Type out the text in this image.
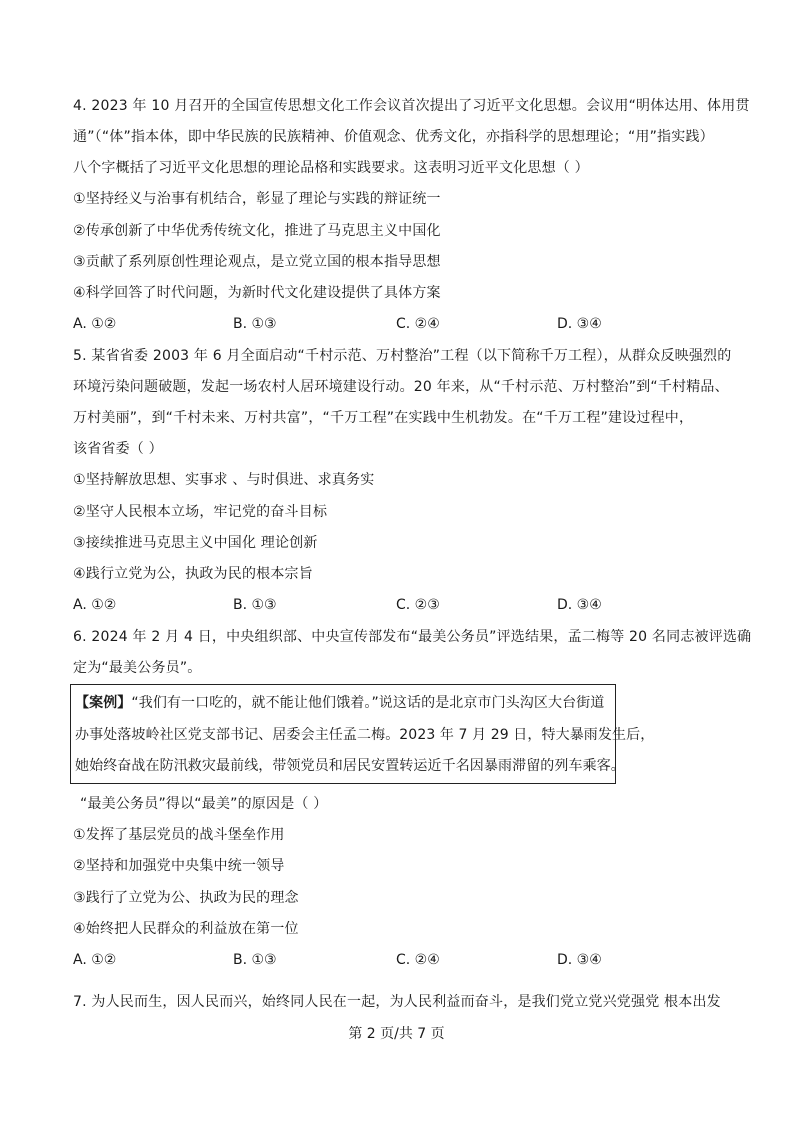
4. 2023 年 10 月召开的全国宣传思想文化工作会议首次提出了习近平文化思想。会议用“明体达用、体用贯
通”（“体”指本体，即中华民族的民族精神、价值观念、优秀文化，亦指科学的思想理论；“用”指实践）
八个字概括了习近平文化思想的理论品格和实践要求。这表明习近平文化思想（ ）
①坚持经义与治事有机结合，彰显了理论与实践的辩证统一
②传承创新了中华优秀传统文化，推进了马克思主义中国化
③贡献了系列原创性理论观点，是立党立国的根本指导思想
④科学回答了时代问题，为新时代文化建设提供了具体方案
A. ①②	B. ①③	C. ②④	D. ③④
5. 某省省委 2003 年 6 月全面启动“千村示范、万村整治”工程（以下简称千万工程），从群众反映强烈的
环境污染问题破题，发起一场农村人居环境建设行动。20 年来，从“千村示范、万村整治”到“千村精品、
万村美丽”，到“千村未来、万村共富”，“千万工程”在实践中生机勃发。在“千万工程”建设过程中，
该省省委（ ）
①坚持解放思想、实事求 、与时俱进、求真务实
②坚守人民根本立场，牢记党的奋斗目标
③接续推进马克思主义中国化 理论创新
④践行立党为公，执政为民的根本宗旨
A. ①②	B. ①③	C. ②③	D. ③④
6. 2024 年 2 月 4 日，中央组织部、中央宣传部发布“最美公务员”评选结果，孟二梅等 20 名同志被评选确
定为“最美公务员”。
【案例】“我们有一口吃的，就不能让他们饿着。”说这话的是北京市门头沟区大台街道
办事处落坡岭社区党支部书记、居委会主任孟二梅。2023 年 7 月 29 日，特大暴雨发生后，
她始终奋战在防汛救灾最前线，带领党员和居民安置转运近千名因暴雨滞留的列车乘客。
“最美公务员”得以“最美”的原因是（ ）
①发挥了基层党员的战斗堡垒作用
②坚持和加强党中央集中统一领导
③践行了立党为公、执政为民的理念
④始终把人民群众的利益放在第一位
A. ①②	B. ①③	C. ②④	D. ③④
7. 为人民而生，因人民而兴，始终同人民在一起，为人民利益而奋斗，是我们党立党兴党强党 根本出发
第 2 页/共 7 页
